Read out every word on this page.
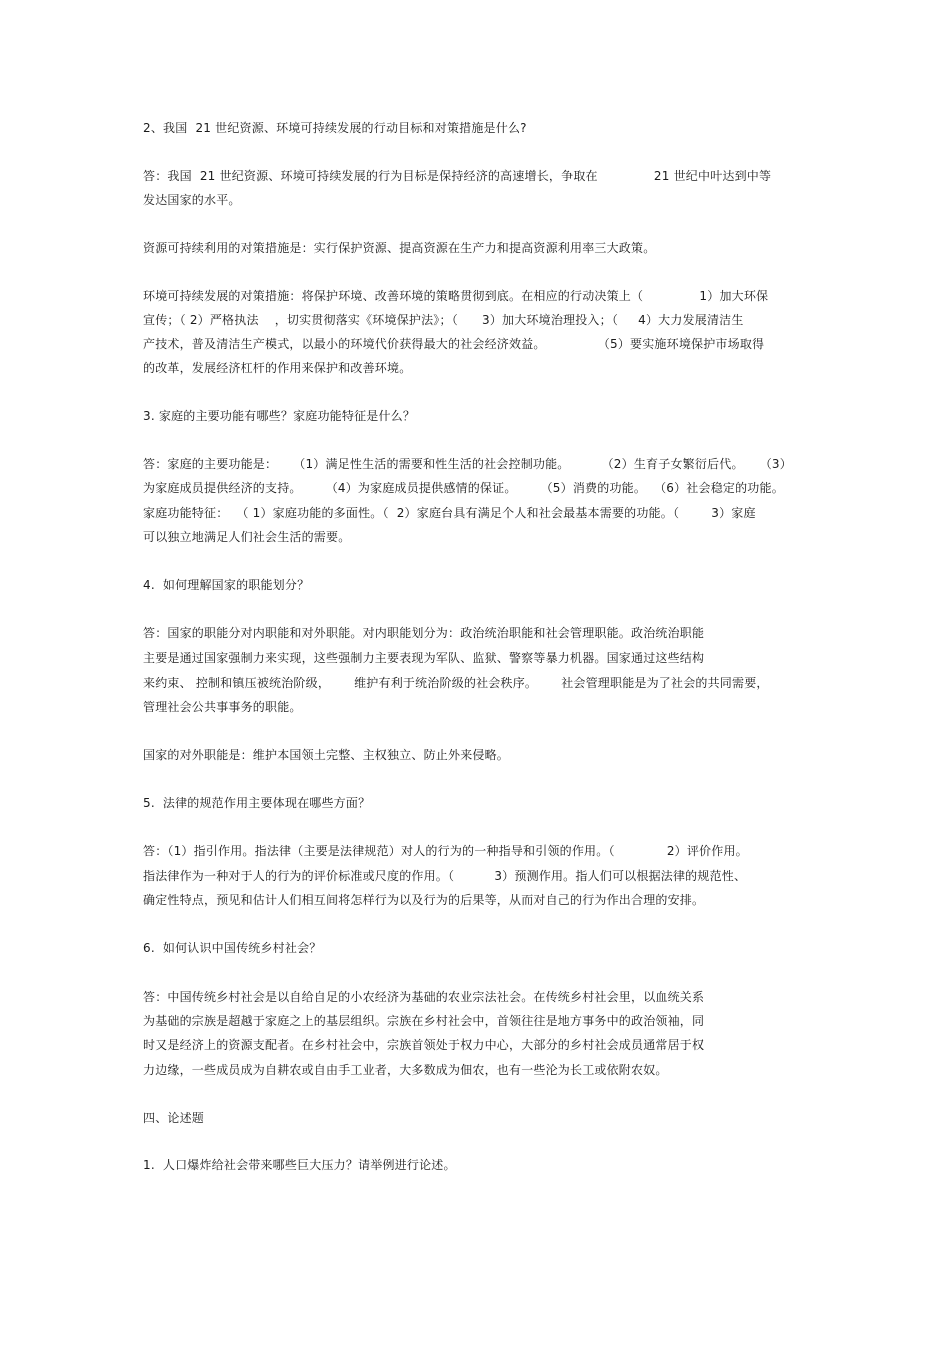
2、我国  21 世纪资源、环境可持续发展的行动目标和对策措施是什么?
答：我国  21 世纪资源、环境可持续发展的行为目标是保持经济的高速增长，争取在              21 世纪中叶达到中等
发达国家的水平。
资源可持续利用的对策措施是：实行保护资源、提高资源在生产力和提高资源利用率三大政策。
环境可持续发展的对策措施：将保护环境、改善环境的策略贯彻到底。在相应的行动决策上（              1）加大环保
宣传；（ 2）严格执法    ，切实贯彻落实《环境保护法》；（      3）加大环境治理投入；（     4）大力发展清洁生
产技术，普及清洁生产模式，以最小的环境代价获得最大的社会经济效益。             （5）要实施环境保护市场取得
的改革，发展经济杠杆的作用来保护和改善环境。
3. 家庭的主要功能有哪些？家庭功能特征是什么？
答：家庭的主要功能是：    （1）满足性生活的需要和性生活的社会控制功能。        （2）生育子女繁衍后代。    （3）
为家庭成员提供经济的支持。      （4）为家庭成员提供感情的保证。      （5）消费的功能。  （6）社会稳定的功能。
家庭功能特征：  （ 1）家庭功能的多面性。（  2）家庭台具有满足个人和社会最基本需要的功能。（        3）家庭
可以独立地满足人们社会生活的需要。
4.  如何理解国家的职能划分？
答：国家的职能分对内职能和对外职能。对内职能划分为：政治统治职能和社会管理职能。政治统治职能
主要是通过国家强制力来实现，这些强制力主要表现为军队、监狱、警察等暴力机器。国家通过这些结构
来约束、 控制和镇压被统治阶级，      维护有利于统治阶级的社会秩序。      社会管理职能是为了社会的共同需要，
管理社会公共事事务的职能。
国家的对外职能是：维护本国领土完整、主权独立、防止外来侵略。
5.  法律的规范作用主要体现在哪些方面？
答：（1）指引作用。指法律（主要是法律规范）对人的行为的一种指导和引领的作用。（             2）评价作用。
指法律作为一种对于人的行为的评价标准或尺度的作用。（          3）预测作用。指人们可以根据法律的规范性、
确定性特点，预见和估计人们相互间将怎样行为以及行为的后果等，从而对自己的行为作出合理的安排。
6.  如何认识中国传统乡村社会？
答：中国传统乡村社会是以自给自足的小农经济为基础的农业宗法社会。在传统乡村社会里，以血统关系
为基础的宗族是超越于家庭之上的基层组织。宗族在乡村社会中，首领往往是地方事务中的政治领袖，同
时又是经济上的资源支配者。在乡村社会中，宗族首领处于权力中心，大部分的乡村社会成员通常居于权
力边缘，一些成员成为自耕农或自由手工业者，大多数成为佃农，也有一些沦为长工或依附农奴。
四、论述题
1.  人口爆炸给社会带来哪些巨大压力？请举例进行论述。
